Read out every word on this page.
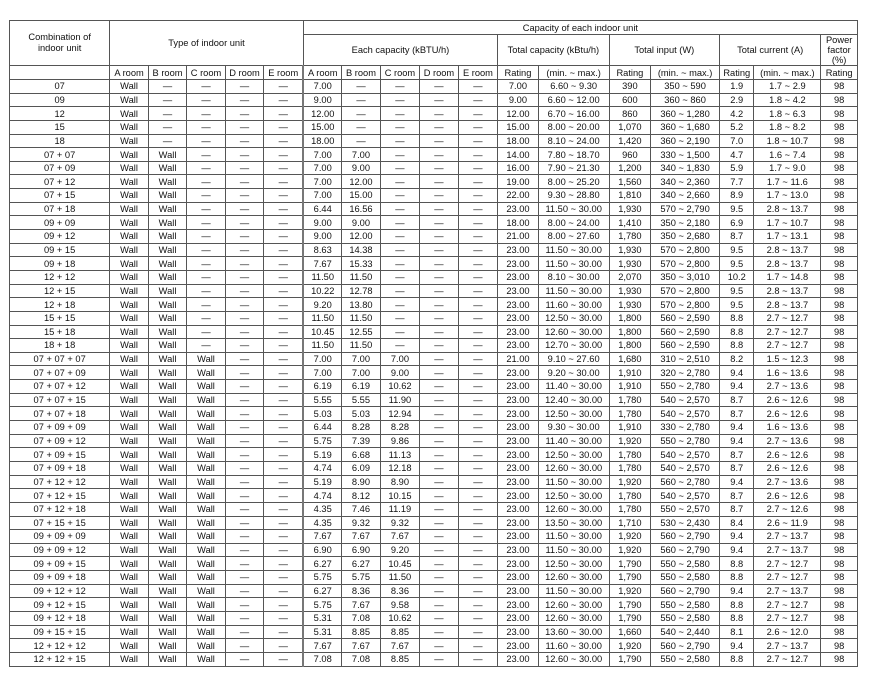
Combination of indoor unit	Type of indoor unit					Capacity of each indoor unit											
						Each capacity (kBTU/h)					Total capacity (kBtu/h)		Total input (W)		Total current (A)		Power factor (%)
	A room	B room	C room	D room	E room	A room	B room	C room	D room	E room	Rating	(min. ~ max.)	Rating	(min. ~ max.)	Rating	(min. ~ max.)	Rating
07	Wall	—	—	—	—	7.00	—	—	—	—	7.00	6.60 ~ 9.30	390	350 ~ 590	1.9	1.7 ~ 2.9	98
09	Wall	—	—	—	—	9.00	—	—	—	—	9.00	6.60 ~ 12.00	600	360 ~ 860	2.9	1.8 ~ 4.2	98
12	Wall	—	—	—	—	12.00	—	—	—	—	12.00	6.70 ~ 16.00	860	360 ~ 1,280	4.2	1.8 ~ 6.3	98
15	Wall	—	—	—	—	15.00	—	—	—	—	15.00	8.00 ~ 20.00	1,070	360 ~ 1,680	5.2	1.8 ~ 8.2	98
18	Wall	—	—	—	—	18.00	—	—	—	—	18.00	8.10 ~ 24.00	1,420	360 ~ 2,190	7.0	1.8 ~ 10.7	98
07 + 07	Wall	Wall	—	—	—	7.00	7.00	—	—	—	14.00	7.80 ~ 18.70	960	330 ~ 1,500	4.7	1.6 ~ 7.4	98
07 + 09	Wall	Wall	—	—	—	7.00	9.00	—	—	—	16.00	7.90 ~ 21.30	1,200	340 ~ 1,830	5.9	1.7 ~ 9.0	98
07 + 12	Wall	Wall	—	—	—	7.00	12.00	—	—	—	19.00	8.00 ~ 25.20	1,560	340 ~ 2,360	7.7	1.7 ~ 11.6	98
07 + 15	Wall	Wall	—	—	—	7.00	15.00	—	—	—	22.00	9.30 ~ 28.80	1,810	340 ~ 2,660	8.9	1.7 ~ 13.0	98
07 + 18	Wall	Wall	—	—	—	6.44	16.56	—	—	—	23.00	11.50 ~ 30.00	1,930	570 ~ 2,790	9.5	2.8 ~ 13.7	98
09 + 09	Wall	Wall	—	—	—	9.00	9.00	—	—	—	18.00	8.00 ~ 24.00	1,410	350 ~ 2,180	6.9	1.7 ~ 10.7	98
09 + 12	Wall	Wall	—	—	—	9.00	12.00	—	—	—	21.00	8.00 ~ 27.60	1,780	350 ~ 2,680	8.7	1.7 ~ 13.1	98
09 + 15	Wall	Wall	—	—	—	8.63	14.38	—	—	—	23.00	11.50 ~ 30.00	1,930	570 ~ 2,800	9.5	2.8 ~ 13.7	98
09 + 18	Wall	Wall	—	—	—	7.67	15.33	—	—	—	23.00	11.50 ~ 30.00	1,930	570 ~ 2,800	9.5	2.8 ~ 13.7	98
12 + 12	Wall	Wall	—	—	—	11.50	11.50	—	—	—	23.00	8.10 ~ 30.00	2,070	350 ~ 3,010	10.2	1.7 ~ 14.8	98
12 + 15	Wall	Wall	—	—	—	10.22	12.78	—	—	—	23.00	11.50 ~ 30.00	1,930	570 ~ 2,800	9.5	2.8 ~ 13.7	98
12 + 18	Wall	Wall	—	—	—	9.20	13.80	—	—	—	23.00	11.60 ~ 30.00	1,930	570 ~ 2,800	9.5	2.8 ~ 13.7	98
15 + 15	Wall	Wall	—	—	—	11.50	11.50	—	—	—	23.00	12.50 ~ 30.00	1,800	560 ~ 2,590	8.8	2.7 ~ 12.7	98
15 + 18	Wall	Wall	—	—	—	10.45	12.55	—	—	—	23.00	12.60 ~ 30.00	1,800	560 ~ 2,590	8.8	2.7 ~ 12.7	98
18 + 18	Wall	Wall	—	—	—	11.50	11.50	—	—	—	23.00	12.70 ~ 30.00	1,800	560 ~ 2,590	8.8	2.7 ~ 12.7	98
07 + 07 + 07	Wall	Wall	Wall	—	—	7.00	7.00	7.00	—	—	21.00	9.10 ~ 27.60	1,680	310 ~ 2,510	8.2	1.5 ~ 12.3	98
07 + 07 + 09	Wall	Wall	Wall	—	—	7.00	7.00	9.00	—	—	23.00	9.20 ~ 30.00	1,910	320 ~ 2,780	9.4	1.6 ~ 13.6	98
07 + 07 + 12	Wall	Wall	Wall	—	—	6.19	6.19	10.62	—	—	23.00	11.40 ~ 30.00	1,910	550 ~ 2,780	9.4	2.7 ~ 13.6	98
07 + 07 + 15	Wall	Wall	Wall	—	—	5.55	5.55	11.90	—	—	23.00	12.40 ~ 30.00	1,780	540 ~ 2,570	8.7	2.6 ~ 12.6	98
07 + 07 + 18	Wall	Wall	Wall	—	—	5.03	5.03	12.94	—	—	23.00	12.50 ~ 30.00	1,780	540 ~ 2,570	8.7	2.6 ~ 12.6	98
07 + 09 + 09	Wall	Wall	Wall	—	—	6.44	8.28	8.28	—	—	23.00	9.30 ~ 30.00	1,910	330 ~ 2,780	9.4	1.6 ~ 13.6	98
07 + 09 + 12	Wall	Wall	Wall	—	—	5.75	7.39	9.86	—	—	23.00	11.40 ~ 30.00	1,920	550 ~ 2,780	9.4	2.7 ~ 13.6	98
07 + 09 + 15	Wall	Wall	Wall	—	—	5.19	6.68	11.13	—	—	23.00	12.50 ~ 30.00	1,780	540 ~ 2,570	8.7	2.6 ~ 12.6	98
07 + 09 + 18	Wall	Wall	Wall	—	—	4.74	6.09	12.18	—	—	23.00	12.60 ~ 30.00	1,780	540 ~ 2,570	8.7	2.6 ~ 12.6	98
07 + 12 + 12	Wall	Wall	Wall	—	—	5.19	8.90	8.90	—	—	23.00	11.50 ~ 30.00	1,920	560 ~ 2,780	9.4	2.7 ~ 13.6	98
07 + 12 + 15	Wall	Wall	Wall	—	—	4.74	8.12	10.15	—	—	23.00	12.50 ~ 30.00	1,780	540 ~ 2,570	8.7	2.6 ~ 12.6	98
07 + 12 + 18	Wall	Wall	Wall	—	—	4.35	7.46	11.19	—	—	23.00	12.60 ~ 30.00	1,780	550 ~ 2,570	8.7	2.7 ~ 12.6	98
07 + 15 + 15	Wall	Wall	Wall	—	—	4.35	9.32	9.32	—	—	23.00	13.50 ~ 30.00	1,710	530 ~ 2,430	8.4	2.6 ~ 11.9	98
09 + 09 + 09	Wall	Wall	Wall	—	—	7.67	7.67	7.67	—	—	23.00	11.50 ~ 30.00	1,920	560 ~ 2,790	9.4	2.7 ~ 13.7	98
09 + 09 + 12	Wall	Wall	Wall	—	—	6.90	6.90	9.20	—	—	23.00	11.50 ~ 30.00	1,920	560 ~ 2,790	9.4	2.7 ~ 13.7	98
09 + 09 + 15	Wall	Wall	Wall	—	—	6.27	6.27	10.45	—	—	23.00	12.50 ~ 30.00	1,790	550 ~ 2,580	8.8	2.7 ~ 12.7	98
09 + 09 + 18	Wall	Wall	Wall	—	—	5.75	5.75	11.50	—	—	23.00	12.60 ~ 30.00	1,790	550 ~ 2,580	8.8	2.7 ~ 12.7	98
09 + 12 + 12	Wall	Wall	Wall	—	—	6.27	8.36	8.36	—	—	23.00	11.50 ~ 30.00	1,920	560 ~ 2,790	9.4	2.7 ~ 13.7	98
09 + 12 + 15	Wall	Wall	Wall	—	—	5.75	7.67	9.58	—	—	23.00	12.60 ~ 30.00	1,790	550 ~ 2,580	8.8	2.7 ~ 12.7	98
09 + 12 + 18	Wall	Wall	Wall	—	—	5.31	7.08	10.62	—	—	23.00	12.60 ~ 30.00	1,790	550 ~ 2,580	8.8	2.7 ~ 12.7	98
09 + 15 + 15	Wall	Wall	Wall	—	—	5.31	8.85	8.85	—	—	23.00	13.60 ~ 30.00	1,660	540 ~ 2,440	8.1	2.6 ~ 12.0	98
12 + 12 + 12	Wall	Wall	Wall	—	—	7.67	7.67	7.67	—	—	23.00	11.60 ~ 30.00	1,920	560 ~ 2,790	9.4	2.7 ~ 13.7	98
12 + 12 + 15	Wall	Wall	Wall	—	—	7.08	7.08	8.85	—	—	23.00	12.60 ~ 30.00	1,790	550 ~ 2,580	8.8	2.7 ~ 12.7	98
